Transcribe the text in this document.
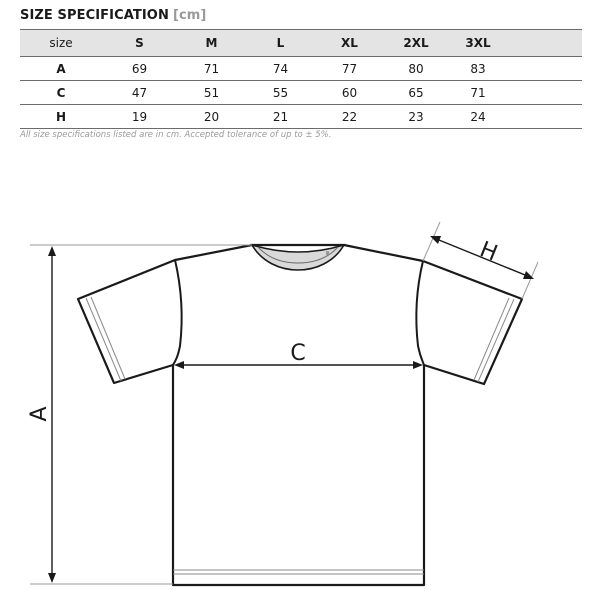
SIZE SPECIFICATION [cm]
size	S	M	L	XL	2XL	3XL	
A	69	71	74	77	80	83	
C	47	51	55	60	65	71	
H	19	20	21	22	23	24	
All size specifications listed are in cm. Accepted tolerance of up to ± 5%.
A
C
H
